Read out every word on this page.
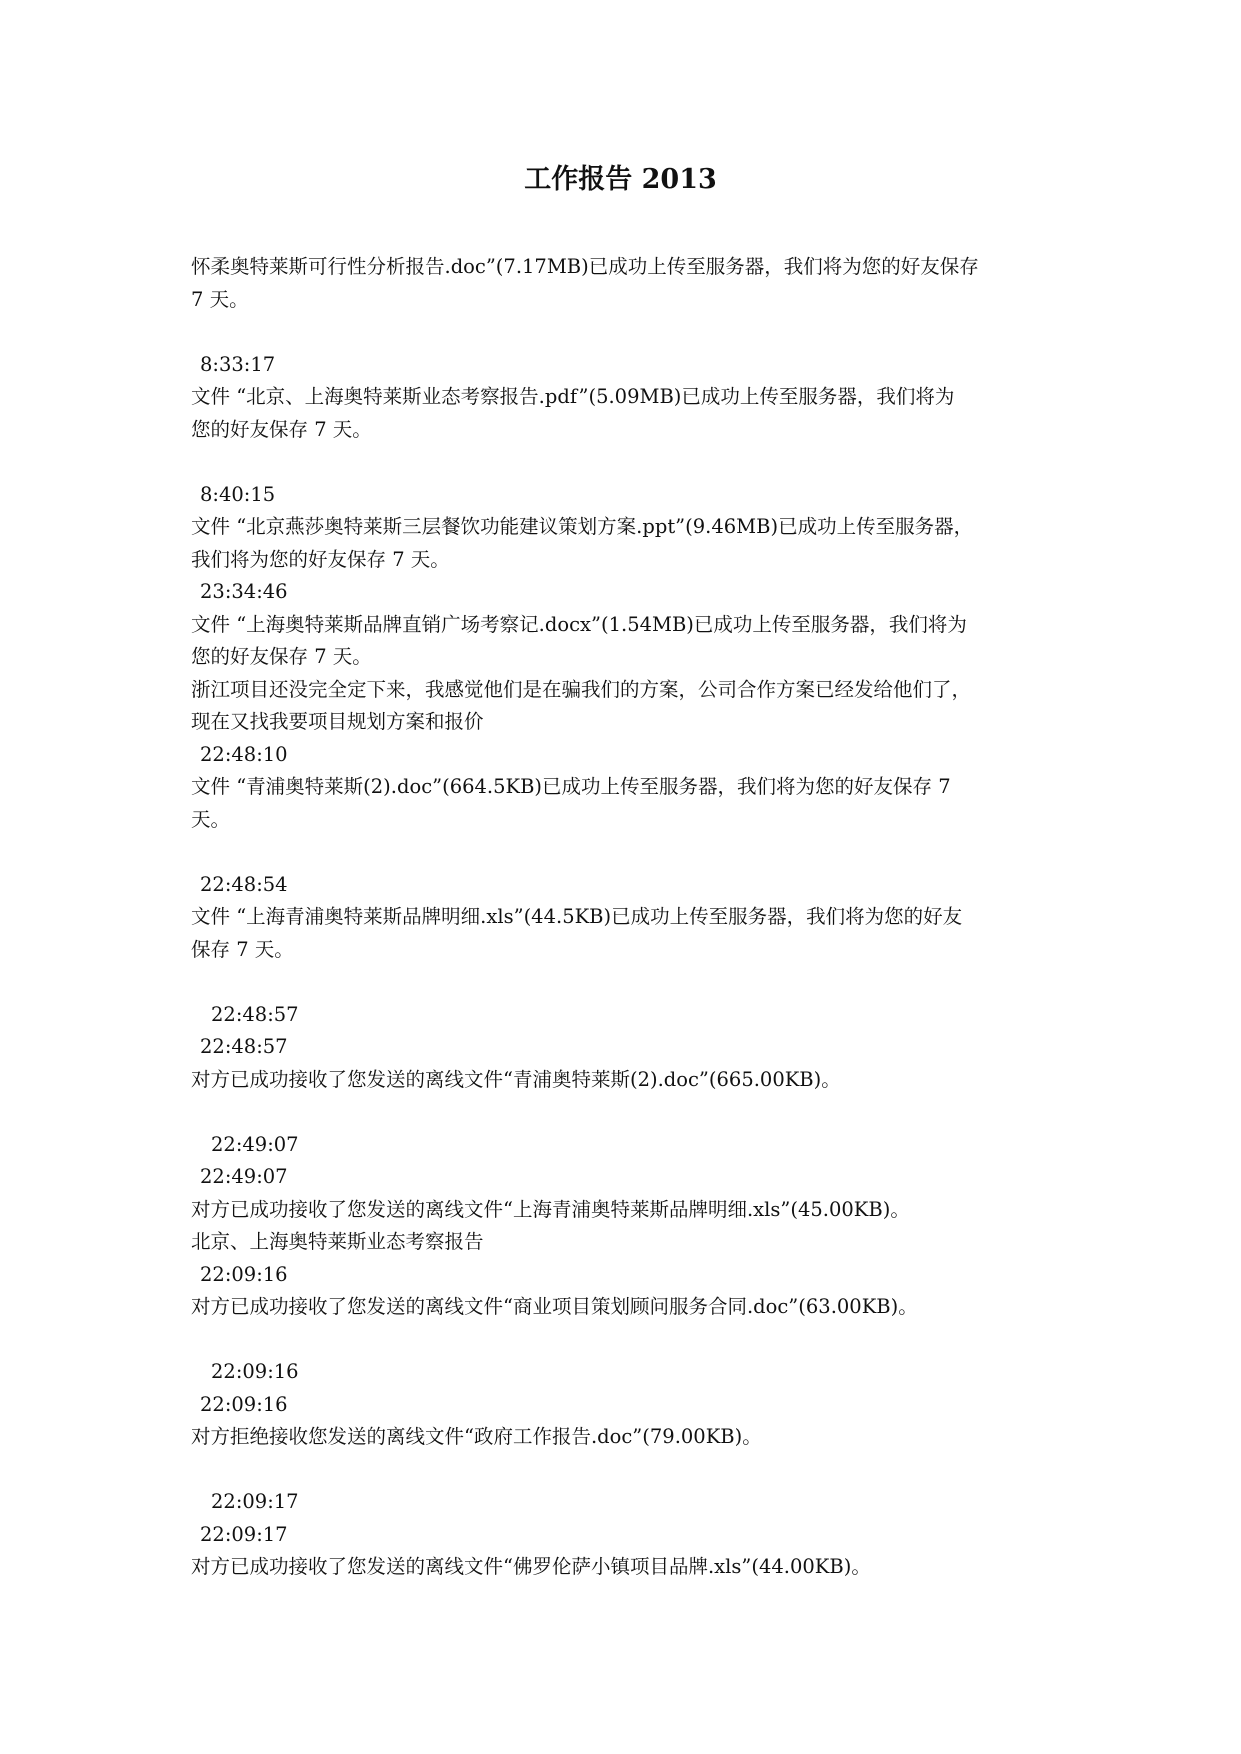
工作报告 2013
怀柔奥特莱斯可行性分析报告.doc”(7.17MB)已成功上传至服务器，我们将为您的好友保存
7 天。
8:33:17
文件 “北京、上海奥特莱斯业态考察报告.pdf”(5.09MB)已成功上传至服务器，我们将为
您的好友保存 7 天。
8:40:15
文件 “北京燕莎奥特莱斯三层餐饮功能建议策划方案.ppt”(9.46MB)已成功上传至服务器，
我们将为您的好友保存 7 天。
23:34:46
文件 “上海奥特莱斯品牌直销广场考察记.docx”(1.54MB)已成功上传至服务器，我们将为
您的好友保存 7 天。
浙江项目还没完全定下来，我感觉他们是在骗我们的方案，公司合作方案已经发给他们了，
现在又找我要项目规划方案和报价
22:48:10
文件 “青浦奥特莱斯(2).doc”(664.5KB)已成功上传至服务器，我们将为您的好友保存 7
天。
22:48:54
文件 “上海青浦奥特莱斯品牌明细.xls”(44.5KB)已成功上传至服务器，我们将为您的好友
保存 7 天。
22:48:57
22:48:57
对方已成功接收了您发送的离线文件“青浦奥特莱斯(2).doc”(665.00KB)。
22:49:07
22:49:07
对方已成功接收了您发送的离线文件“上海青浦奥特莱斯品牌明细.xls”(45.00KB)。
北京、上海奥特莱斯业态考察报告
22:09:16
对方已成功接收了您发送的离线文件“商业项目策划顾问服务合同.doc”(63.00KB)。
22:09:16
22:09:16
对方拒绝接收您发送的离线文件“政府工作报告.doc”(79.00KB)。
22:09:17
22:09:17
对方已成功接收了您发送的离线文件“佛罗伦萨小镇项目品牌.xls”(44.00KB)。
